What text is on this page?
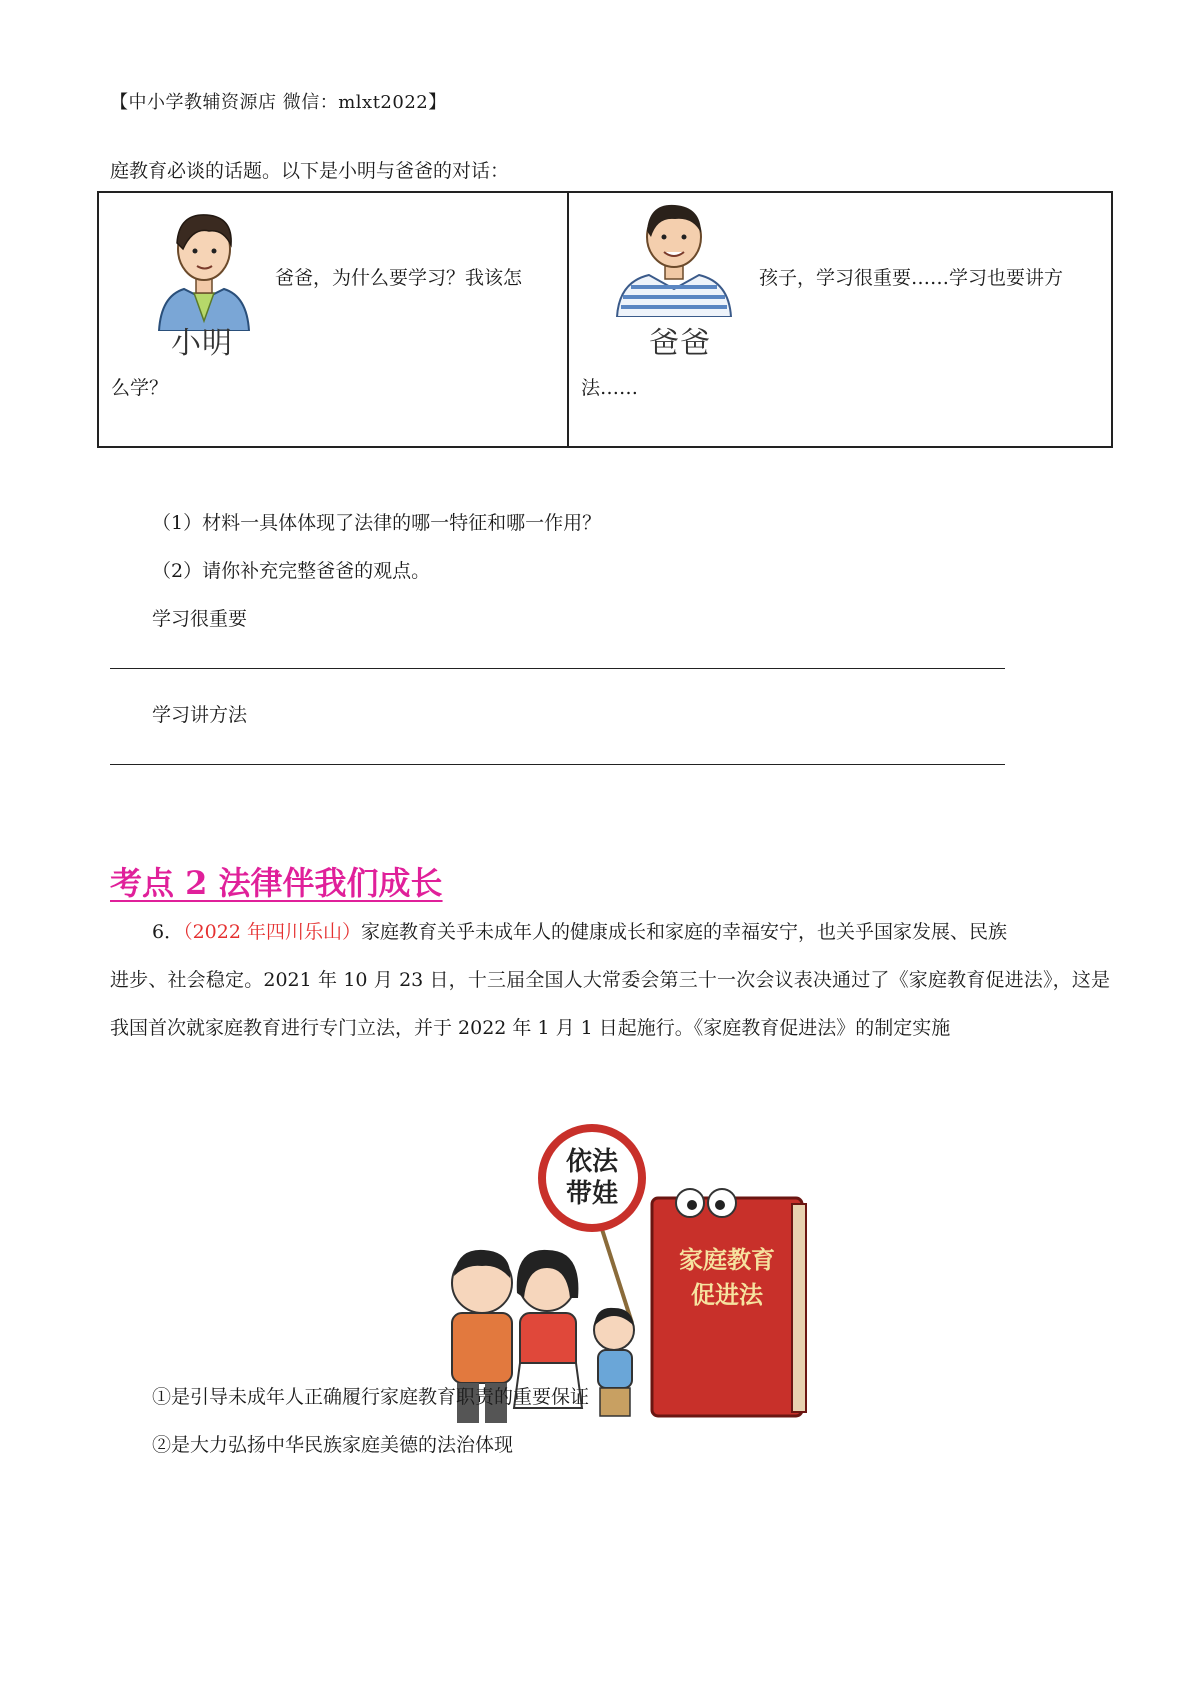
【中小学教辅资源店 微信：mlxt2022】
庭教育必谈的话题。以下是小明与爸爸的对话：
小明
爸爸，为什么要学习？我该怎
么学？

爸爸
孩子，学习很重要……学习也要讲方
法……
（1）材料一具体体现了法律的哪一特征和哪一作用？
（2）请你补充完整爸爸的观点。
学习很重要
学习讲方法
考点 2 法律伴我们成长
6．（2022 年四川乐山）家庭教育关乎未成年人的健康成长和家庭的幸福安宁，也关乎国家发展、民族
进步、社会稳定。2021 年 10 月 23 日，十三届全国人大常委会第三十一次会议表决通过了《家庭教育促进法》，这是我国首次就家庭教育进行专门立法，并于 2022 年 1 月 1 日起施行。《家庭教育促进法》的制定实施
家庭教育
促进法
依法
带娃
①是引导未成年人正确履行家庭教育职责的重要保证
②是大力弘扬中华民族家庭美德的法治体现
